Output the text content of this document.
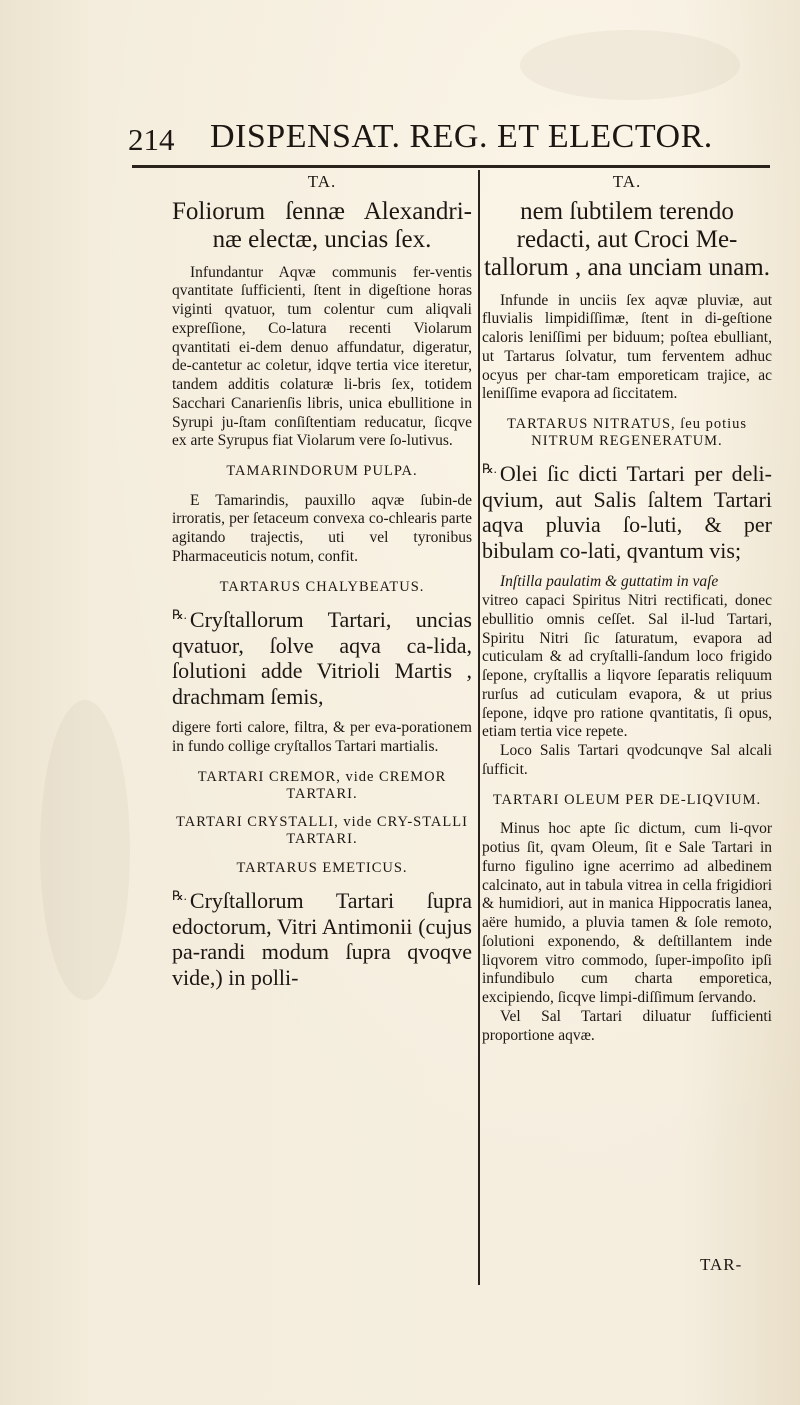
214 DISPENSAT. REG. ET ELECTOR.
TA.

Foliorum ſennæ Alexandri-næ electæ, uncias ſex.

Infundantur Aqvæ communis fer-ventis qvantitate ſufficienti, ſtent in digeſtione horas viginti qvatuor, tum colentur cum aliqvali expreſſione, Co-latura recenti Violarum qvantitati ei-dem denuo affundatur, digeratur, de-cantetur ac coletur, idqve tertia vice iteretur, tandem additis colaturæ li-bris ſex, totidem Sacchari Canarienſis libris, unica ebullitione in Syrupi ju-ſtam conſiſtentiam reducatur, ſicqve ex arte Syrupus fiat Violarum vere ſo-lutivus.

TAMARINDORUM PULPA.

E Tamarindis, pauxillo aqvæ ſubin-de irroratis, per ſetaceum convexa co-chlearis parte agitando trajectis, uti vel tyronibus Pharmaceuticis notum, confit.

TARTARUS CHALYBEATUS.

℞. Cryſtallorum Tartari, uncias qvatuor, ſolve aqva ca-lida, ſolutioni adde Vitrioli Martis , drachmam ſemis,

digere forti calore, filtra, & per eva-porationem in fundo collige cryſtallos Tartari martialis.

TARTARI CREMOR, vide CREMOR TARTARI.
TARTARI CRYSTALLI, vide CRY-STALLI TARTARI.
TARTARUS EMETICUS.

℞. Cryſtallorum Tartari ſupra edoctorum, Vitri Antimonii (cujus pa-randi modum ſupra qvoqve vide,) in polli-

TA.

nem ſubtilem terendo redacti, aut Croci Me-tallorum , ana unciam unam.

Infunde in unciis ſex aqvæ pluviæ, aut fluvialis limpidiſſimæ, ſtent in di-geſtione caloris leniſſimi per biduum; poſtea ebulliant, ut Tartarus ſolvatur, tum ferventem adhuc ocyus per char-tam emporeticam trajice, ac leniſſime evapora ad ſiccitatem.

TARTARUS NITRATUS, ſeu potius NITRUM REGENERATUM.

℞. Olei ſic dicti Tartari per deli-qvium, aut Salis ſaltem Tartari aqva pluvia ſo-luti, & per bibulam co-lati, qvantum vis;

Inſtilla paulatim & guttatim in vaſe

vitreo capaci Spiritus Nitri rectificati, donec ebullitio omnis ceſſet. Sal il-lud Tartari, Spiritu Nitri ſic ſaturatum, evapora ad cuticulam & ad cryſtalli-ſandum loco frigido ſepone, cryſtallis a liqvore ſeparatis reliquum rurſus ad cuticulam evapora, & ut prius ſepone, idqve pro ratione qvantitatis, ſi opus, etiam tertia vice repete.

Loco Salis Tartari qvodcunqve Sal alcali ſufficit.

TARTARI OLEUM PER DE-LIQVIUM.

Minus hoc apte ſic dictum, cum li-qvor potius ſit, qvam Oleum, ſit e Sale Tartari in furno figulino igne acerrimo ad albedinem calcinato, aut in tabula vitrea in cella frigidiori & humidiori, aut in manica Hippocratis lanea, aëre humido, a pluvia tamen & ſole remoto, ſolutioni exponendo, & deſtillantem inde liqvorem vitro commodo, ſuper-impoſito ipſi infundibulo cum charta emporetica, excipiendo, ſicqve limpi-diſſimum ſervando.

Vel Sal Tartari diluatur ſufficienti proportione aqvæ.

TAR-
